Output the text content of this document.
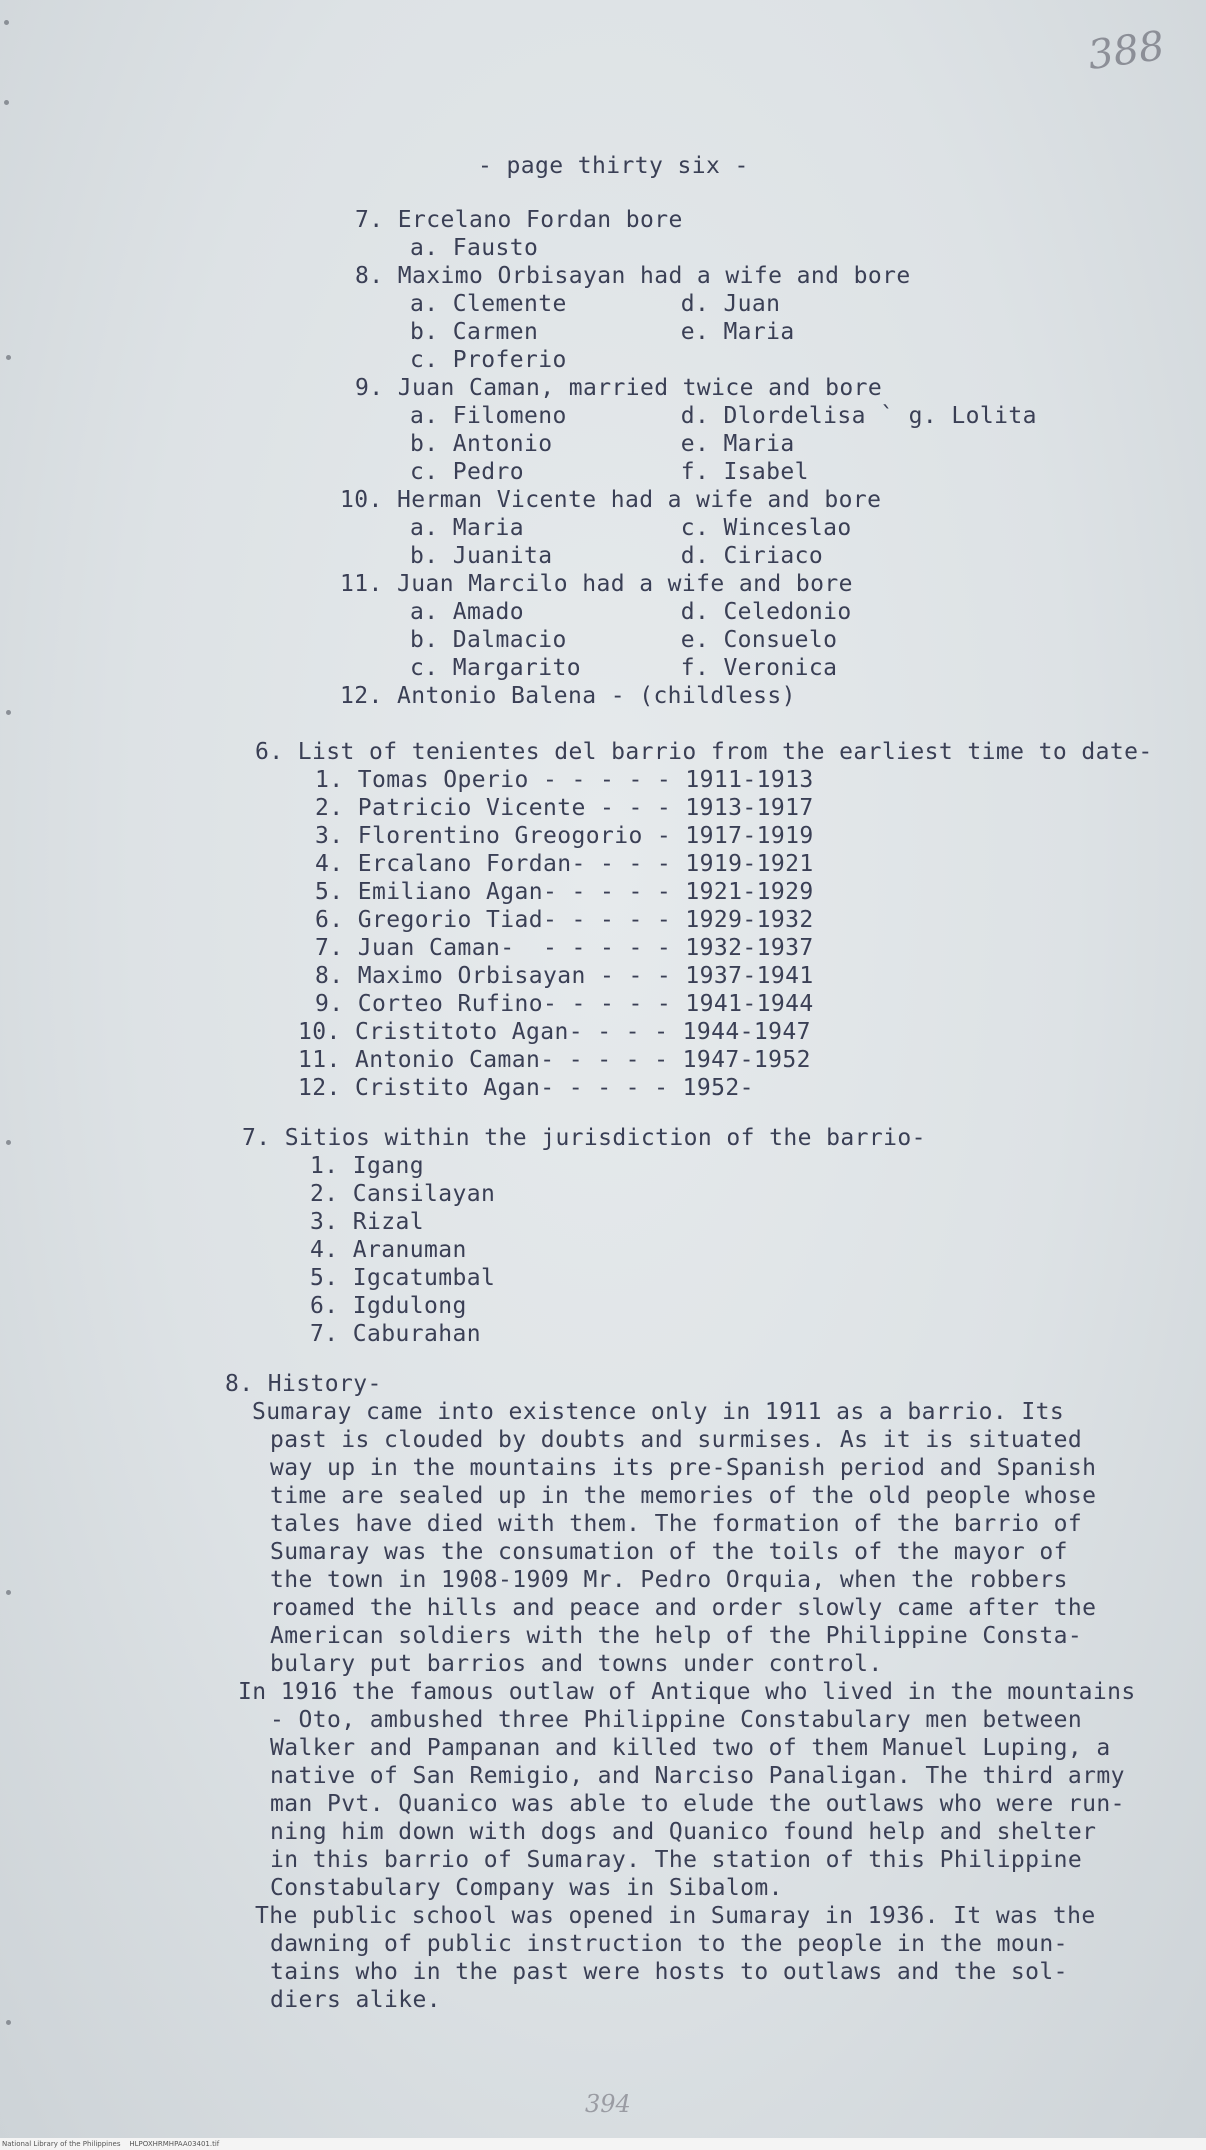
388
- page thirty six -
7. Ercelano Fordan bore
a. Fausto
8. Maximo Orbisayan had a wife and bore
a. Clemente        d. Juan
b. Carmen          e. Maria
c. Proferio
9. Juan Caman, married twice and bore
a. Filomeno        d. Dlordelisa ` g. Lolita
b. Antonio         e. Maria
c. Pedro           f. Isabel
10. Herman Vicente had a wife and bore
a. Maria           c. Winceslao
b. Juanita         d. Ciriaco
11. Juan Marcilo had a wife and bore
a. Amado           d. Celedonio
b. Dalmacio        e. Consuelo
c. Margarito       f. Veronica
12. Antonio Balena - (childless)
6. List of tenientes del barrio from the earliest time to date-
1. Tomas Operio - - - - - 1911-1913
2. Patricio Vicente - - - 1913-1917
3. Florentino Greogorio - 1917-1919
4. Ercalano Fordan- - - - 1919-1921
5. Emiliano Agan- - - - - 1921-1929
6. Gregorio Tiad- - - - - 1929-1932
7. Juan Caman-  - - - - - 1932-1937
8. Maximo Orbisayan - - - 1937-1941
9. Corteo Rufino- - - - - 1941-1944
10. Cristitoto Agan- - - - 1944-1947
11. Antonio Caman- - - - - 1947-1952
12. Cristito Agan- - - - - 1952-
7. Sitios within the jurisdiction of the barrio-
1. Igang
2. Cansilayan
3. Rizal
4. Aranuman
5. Igcatumbal
6. Igdulong
7. Caburahan
8. History-
Sumaray came into existence only in 1911 as a barrio. Its
past is clouded by doubts and surmises. As it is situated
way up in the mountains its pre-Spanish period and Spanish
time are sealed up in the memories of the old people whose
tales have died with them. The formation of the barrio of
Sumaray was the consumation of the toils of the mayor of
the town in 1908-1909 Mr. Pedro Orquia, when the robbers
roamed the hills and peace and order slowly came after the
American soldiers with the help of the Philippine Consta-
bulary put barrios and towns under control.
In 1916 the famous outlaw of Antique who lived in the mountains
- Oto, ambushed three Philippine Constabulary men between
Walker and Pampanan and killed two of them Manuel Luping, a
native of San Remigio, and Narciso Panaligan. The third army
man Pvt. Quanico was able to elude the outlaws who were run-
ning him down with dogs and Quanico found help and shelter
in this barrio of Sumaray. The station of this Philippine
Constabulary Company was in Sibalom.
The public school was opened in Sumaray in 1936. It was the
dawning of public instruction to the people in the moun-
tains who in the past were hosts to outlaws and the sol-
diers alike.
394
National Library of the Philippines    HLPOXHRMHPAA03401.tif
